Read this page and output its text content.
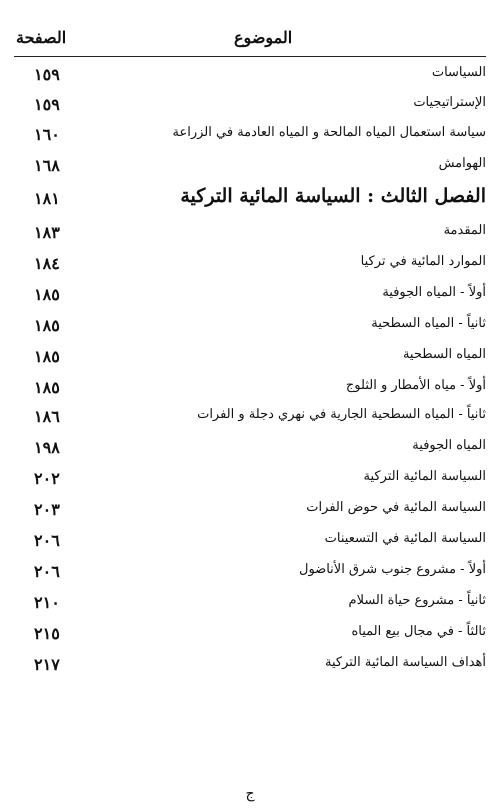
الصفحة	الموضوع
١٥٩	السياسات
١٥٩	الإستراتيجيات
١٦٠	سياسة استعمال المياه المالحة و المياه العادمة في الزراعة
١٦٨	الهوامش
١٨١	الفصل الثالث : السياسة المائية التركية
١٨٣	المقدمة
١٨٤	الموارد المائية في تركيا
١٨٥	أولاً - المياه الجوفية
١٨٥	ثانياً - المياه السطحية
١٨٥	المياه السطحية
١٨٥	أولاً - مياه الأمطار و الثلوج
١٨٦	ثانياً - المياه السطحية الجارية في نهري دجلة و الفرات
١٩٨	المياه الجوفية
٢٠٢	السياسة المائية التركية
٢٠٣	السياسة المائية في حوض الفرات
٢٠٦	السياسة المائية في التسعينات
٢٠٦	أولاً - مشروع جنوب شرق الأناضول
٢١٠	ثانياً - مشروع حياة السلام
٢١٥	ثالثاً - في مجال بيع المياه
٢١٧	أهداف السياسة المائية التركية
ج
